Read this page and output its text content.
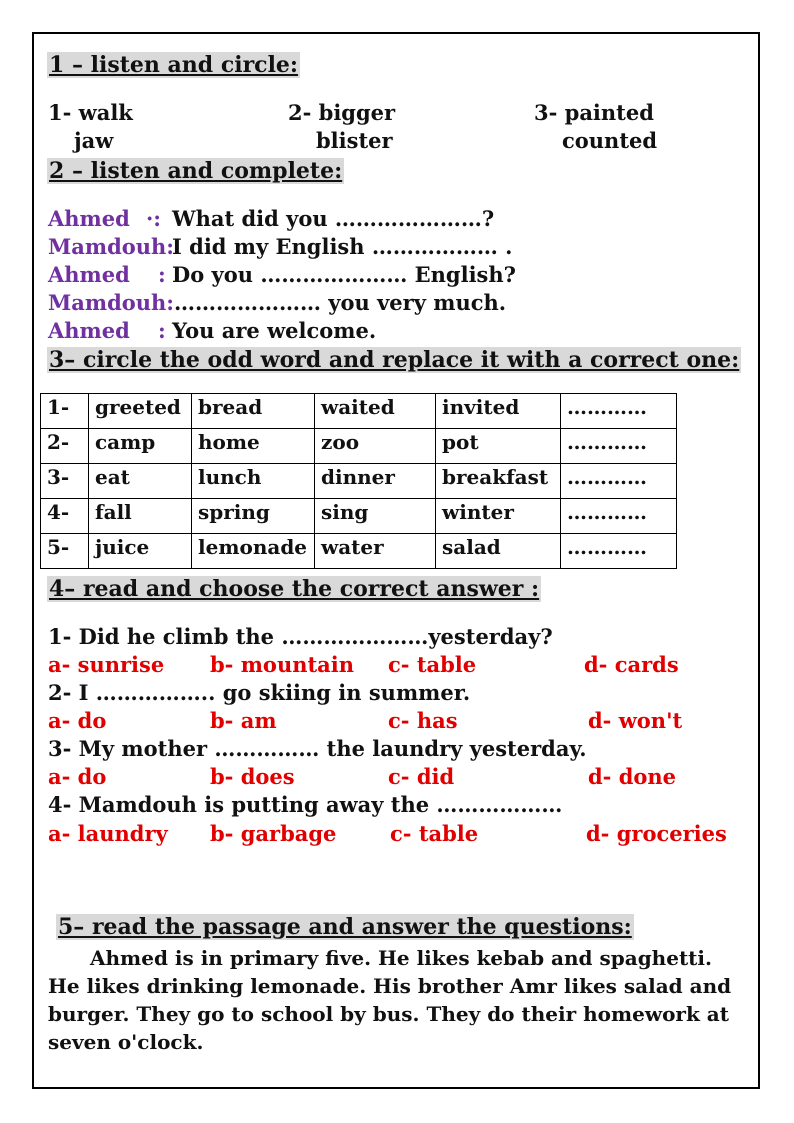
1 – listen and circle:
1- walk
jaw
2- bigger
blister
3- painted
counted
2 – listen and complete:
Ahmed ·: What did you …………………?
Mamdouh:
I did my English ……………… .
Ahmed : Do you ………………… English?
Mamdouh: ………………… you very much.
Ahmed : You are welcome.
3– circle the odd word and replace it with a correct one:
1-	greeted	bread	waited	invited	…………
2-	camp	home	zoo	pot	…………
3-	eat	lunch	dinner	breakfast	…………
4-	fall	spring	sing	winter	…………
5-	juice	lemonade	water	salad	…………
4– read and choose the correct answer :
1- Did he climb the …………………yesterday?
a- sunrise b- mountain c- table	d- cards
2- I …………….. go skiing in summer.
a- do	b- am	c- has	d- won't
3- My mother …………… the laundry yesterday.
a- do	b- does	c- did	d- done
4- Mamdouh is putting away the ………………
a- laundry b- garbage	c- table	d- groceries
5– read the passage and answer the questions:
Ahmed is in primary five. He likes kebab and spaghetti. He likes drinking lemonade. His brother Amr likes salad and burger. They go to school by bus. They do their homework at seven o'clock.
